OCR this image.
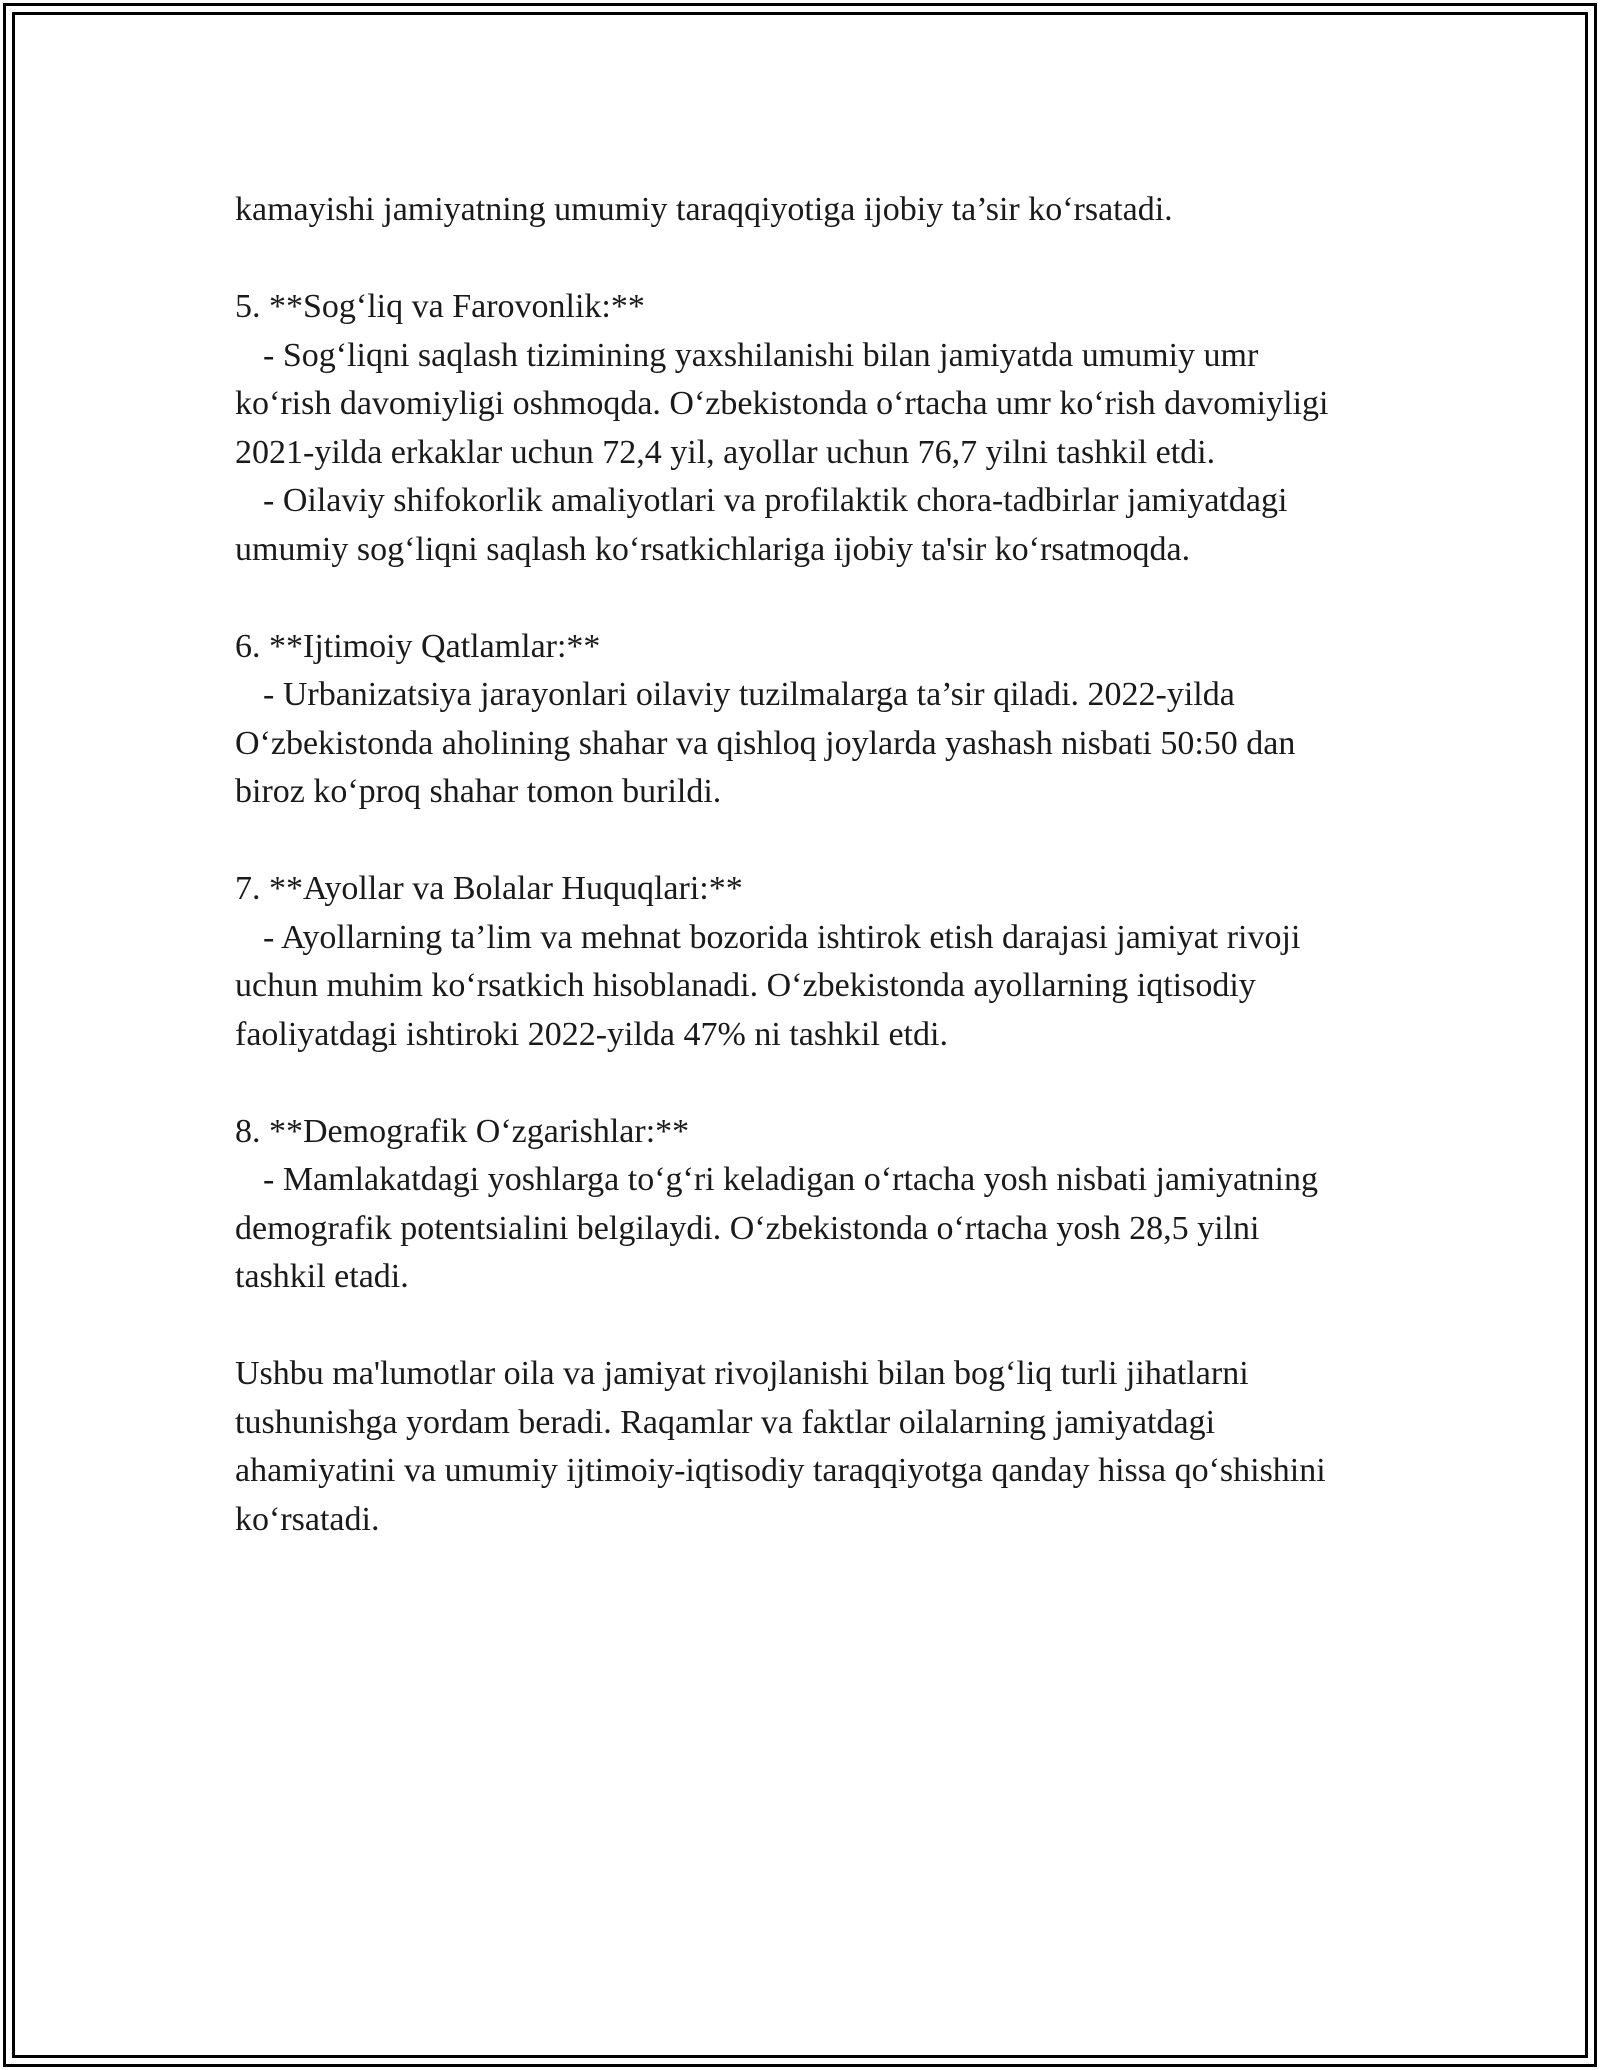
kamayishi jamiyatning umumiy taraqqiyotiga ijobiy ta’sir ko‘rsatadi.

5. **Sog‘liq va Farovonlik:**

- Sog‘liqni saqlash tizimining yaxshilanishi bilan jamiyatda umumiy umr ko‘rish davomiyligi oshmoqda. O‘zbekistonda o‘rtacha umr ko‘rish davomiyligi 2021-yilda erkaklar uchun 72,4 yil, ayollar uchun 76,7 yilni tashkil etdi.

- Oilaviy shifokorlik amaliyotlari va profilaktik chora-tadbirlar jamiyatdagi umumiy sog‘liqni saqlash ko‘rsatkichlariga ijobiy ta'sir ko‘rsatmoqda.

6. **Ijtimoiy Qatlamlar:**

- Urbanizatsiya jarayonlari oilaviy tuzilmalarga ta’sir qiladi. 2022-yilda O‘zbekistonda aholining shahar va qishloq joylarda yashash nisbati 50:50 dan biroz ko‘proq shahar tomon burildi.

7. **Ayollar va Bolalar Huquqlari:**

- Ayollarning ta’lim va mehnat bozorida ishtirok etish darajasi jamiyat rivoji uchun muhim ko‘rsatkich hisoblanadi. O‘zbekistonda ayollarning iqtisodiy faoliyatdagi ishtiroki 2022-yilda 47% ni tashkil etdi.

8. **Demografik O‘zgarishlar:**

- Mamlakatdagi yoshlarga to‘g‘ri keladigan o‘rtacha yosh nisbati jamiyatning demografik potentsialini belgilaydi. O‘zbekistonda o‘rtacha yosh 28,5 yilni tashkil etadi.

Ushbu ma'lumotlar oila va jamiyat rivojlanishi bilan bog‘liq turli jihatlarni tushunishga yordam beradi. Raqamlar va faktlar oilalarning jamiyatdagi ahamiyatini va umumiy ijtimoiy-iqtisodiy taraqqiyotga qanday hissa qo‘shishini ko‘rsatadi.
